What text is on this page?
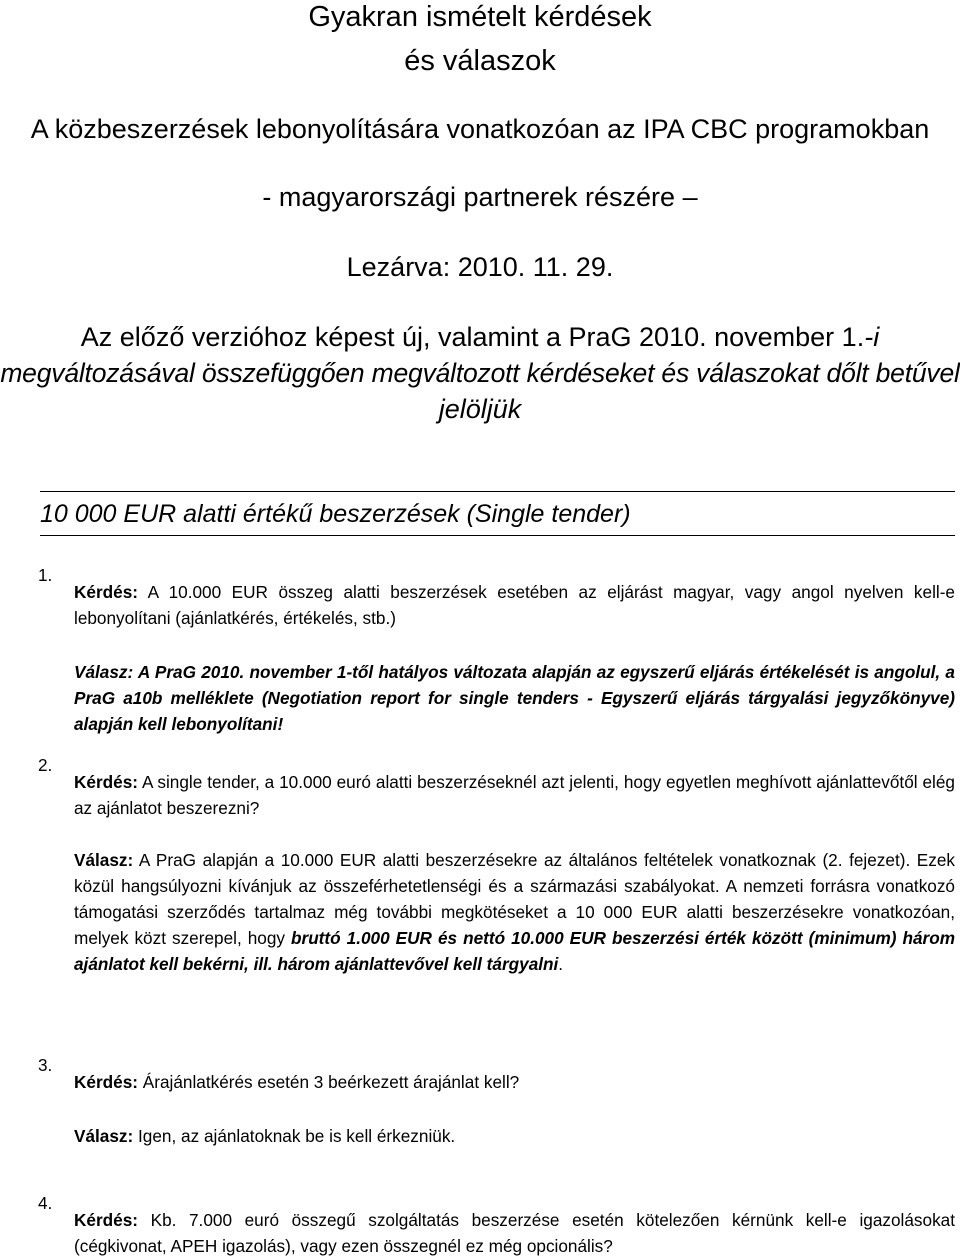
Gyakran ismételt kérdések
és válaszok
A közbeszerzések lebonyolítására vonatkozóan az IPA CBC programokban
- magyarországi partnerek részére –
Lezárva: 2010. 11. 29.
Az előző verzióhoz képest új, valamint a PraG 2010. november 1.-i
megváltozásával összefüggően megváltozott kérdéseket és válaszokat dőlt betűvel
jelöljük
10 000 EUR alatti értékű beszerzések (Single tender)
1.

Kérdés: A 10.000 EUR összeg alatti beszerzések esetében az eljárást magyar, vagy angol nyelven kell-e lebonyolítani (ajánlatkérés, értékelés, stb.)

Válasz: A PraG 2010. november 1-től hatályos változata alapján az egyszerű eljárás értékelését is angolul, a PraG a10b melléklete (Negotiation report for single tenders - Egyszerű eljárás tárgyalási jegyzőkönyve) alapján kell lebonyolítani!

2.

Kérdés: A single tender, a 10.000 euró alatti beszerzéseknél azt jelenti, hogy egyetlen meghívott ajánlattevőtől elég az ajánlatot beszerezni?

Válasz: A PraG alapján a 10.000 EUR alatti beszerzésekre az általános feltételek vonatkoznak (2. fejezet). Ezek közül hangsúlyozni kívánjuk az összeférhetetlenségi és a származási szabályokat. A nemzeti forrásra vonatkozó támogatási szerződés tartalmaz még további megkötéseket a 10 000 EUR alatti beszerzésekre vonatkozóan, melyek közt szerepel, hogy bruttó 1.000 EUR és nettó 10.000 EUR beszerzési érték között (minimum) három ajánlatot kell bekérni, ill. három ajánlattevővel kell tárgyalni.

3.

Kérdés: Árajánlatkérés esetén 3 beérkezett árajánlat kell?

Válasz: Igen, az ajánlatoknak be is kell érkezniük.

4.

Kérdés: Kb. 7.000 euró összegű szolgáltatás beszerzése esetén kötelezően kérnünk kell-e igazolásokat (cégkivonat, APEH igazolás), vagy ezen összegnél ez még opcionális?
